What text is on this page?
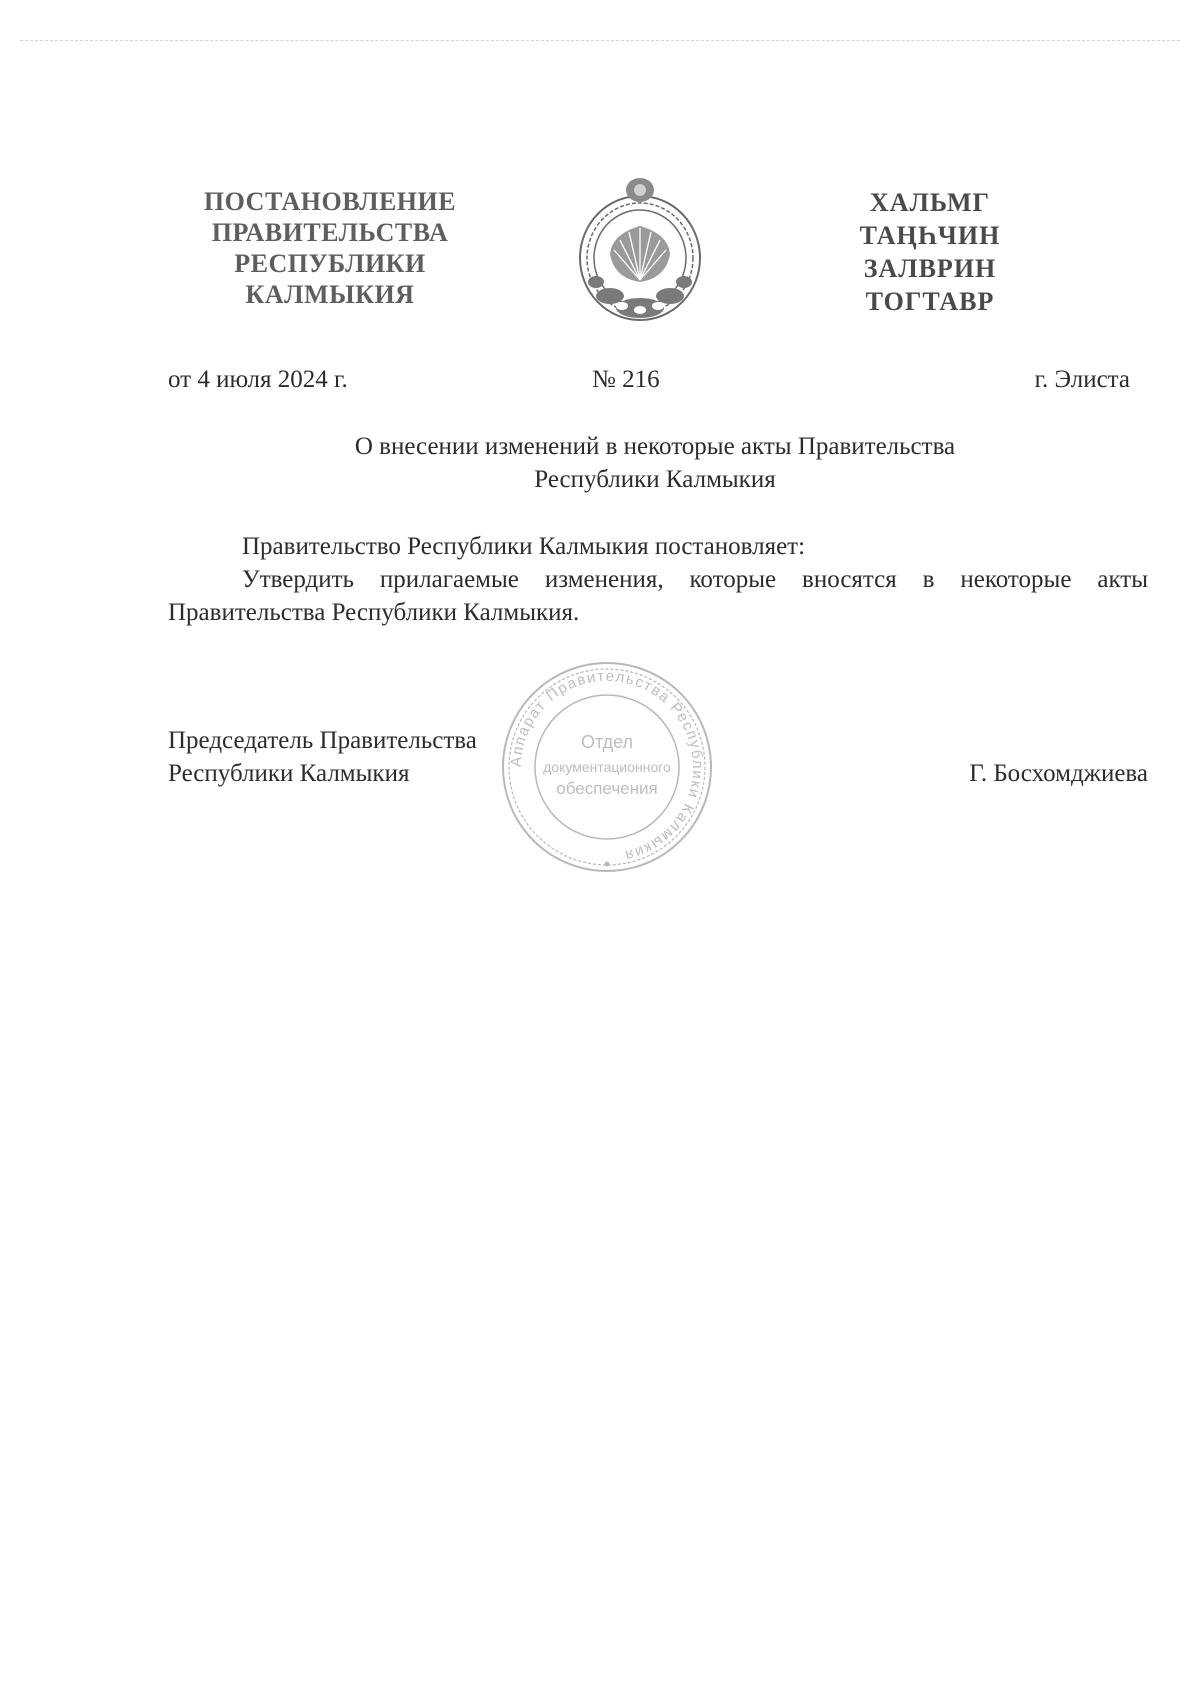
ПОСТАНОВЛЕНИЕ
ПРАВИТЕЛЬСТВА
РЕСПУБЛИКИ
КАЛМЫКИЯ
ХАЛЬМГ
ТАҢҺЧИН
ЗАЛВРИН
ТОГТАВР
от 4 июля 2024 г.	№ 216	г. Элиста
О внесении изменений в некоторые акты Правительства
Республики Калмыкия
Правительство Республики Калмыкия постановляет:
Утвердить прилагаемые изменения, которые вносятся в некоторые акты Правительства Республики Калмыкия.
Председатель Правительства
Республики Калмыкия	Аппарат Правительства Республики Калмыкия
Отдел
документационного
обеспечения
Г. Босхомджиева
